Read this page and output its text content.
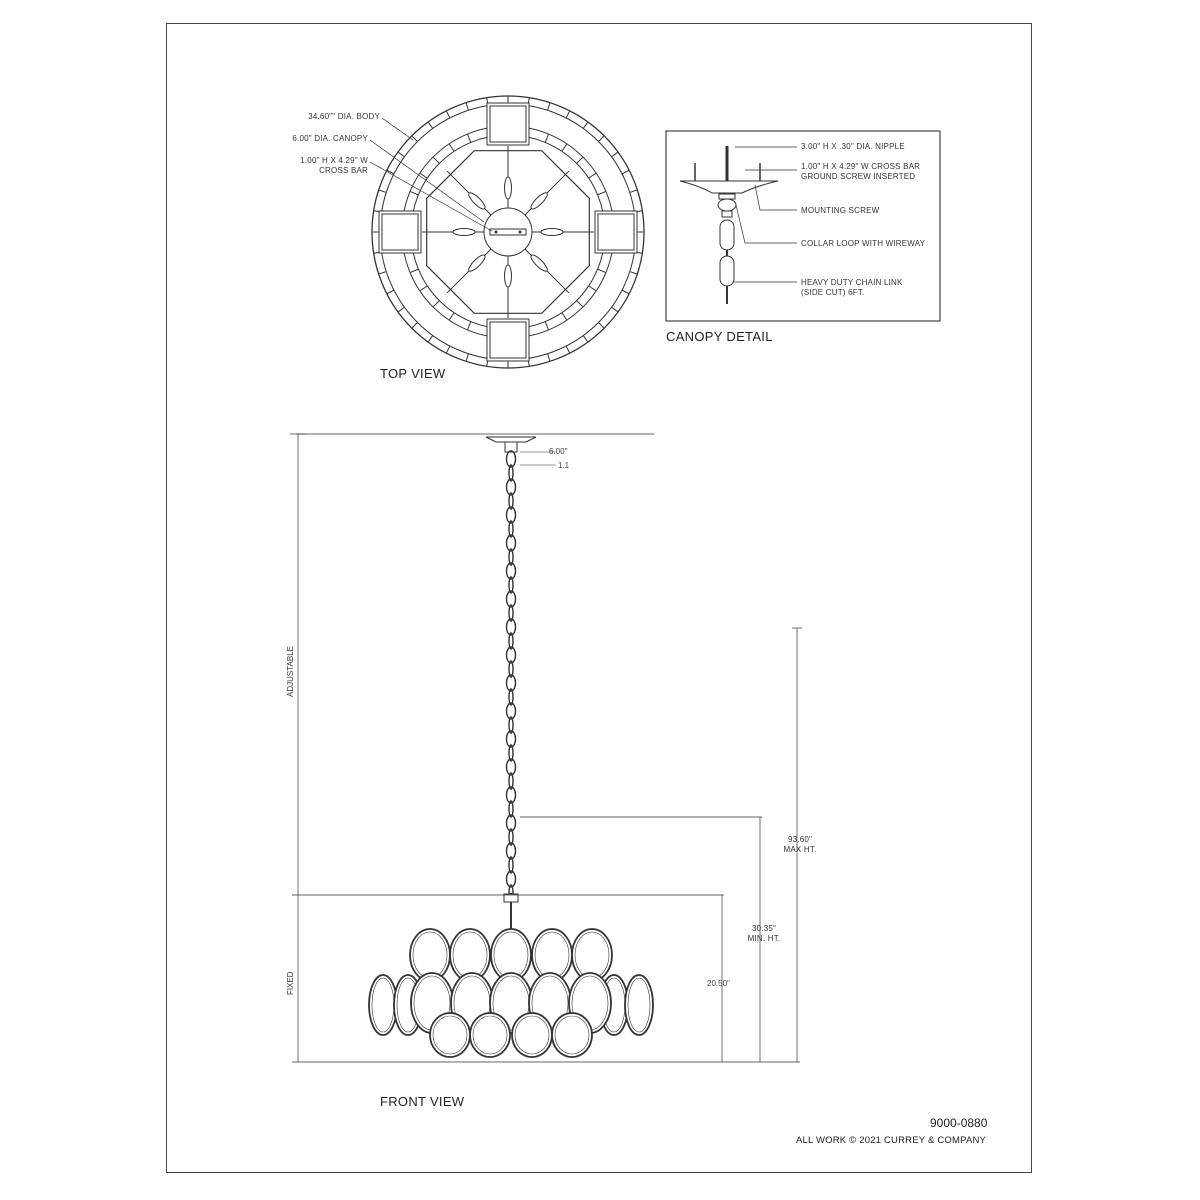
34.60"" DIA. BODY
6.00" DIA. CANOPY
1.00" H X 4.29" W
CROSS BAR
TOP VIEW
3.00" H X .30" DIA. NIPPLE
1.00" H X 4.29" W CROSS BAR
GROUND SCREW INSERTED
MOUNTING SCREW
COLLAR LOOP WITH WIREWAY
HEAVY DUTY CHAIN LINK
(SIDE CUT) 6FT.
CANOPY DETAIL
6.00"
1.1
ADJUSTABLE
FIXED	20.50"
30.35"
MIN. HT.
93.60"
MAX HT.
FRONT VIEW
9000-0880
ALL WORK © 2021 CURREY & COMPANY
